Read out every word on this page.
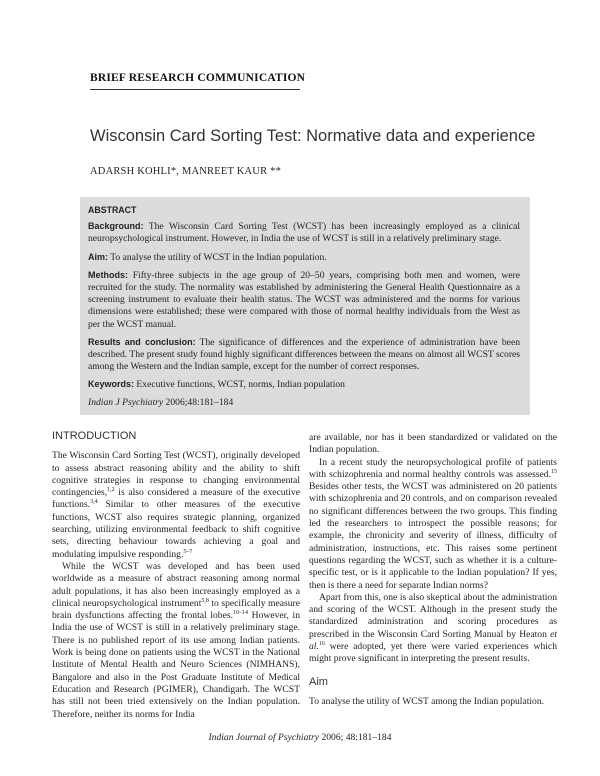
BRIEF RESEARCH COMMUNICATION
Wisconsin Card Sorting Test: Normative data and experience
ADARSH KOHLI*, MANREET KAUR **
ABSTRACT

Background: The Wisconsin Card Sorting Test (WCST) has been increasingly employed as a clinical neuropsychological instrument. However, in India the use of WCST is still in a relatively preliminary stage.

Aim: To analyse the utility of WCST in the Indian population.

Methods: Fifty-three subjects in the age group of 20–50 years, comprising both men and women, were recruited for the study. The normality was established by administering the General Health Questionnaire as a screening instrument to evaluate their health status. The WCST was administered and the norms for various dimensions were established; these were compared with those of normal healthy individuals from the West as per the WCST manual.

Results and conclusion: The significance of differences and the experience of administration have been described. The present study found highly significant differences between the means on almost all WCST scores among the Western and the Indian sample, except for the number of correct responses.

Keywords: Executive functions, WCST, norms, Indian population

Indian J Psychiatry 2006;48:181–184

INTRODUCTION

The Wisconsin Card Sorting Test (WCST), originally developed to assess abstract reasoning ability and the ability to shift cognitive strategies in response to changing environmental contingencies,$^{1,2}$ is also considered a measure of the executive functions.$^{3,4}$ Similar to other measures of the executive functions, WCST also requires strategic planning, organized searching, utilizing environmental feedback to shift cognitive sets, directing behaviour towards achieving a goal and modulating impulsive responding.$^{5-7}$

While the WCST was developed and has been used worldwide as a measure of abstract reasoning among normal adult populations, it has also been increasingly employed as a clinical neuropsychological instrument$^{5,8}$ to specifically measure brain dysfunctions affecting the frontal lobes.$^{10-14}$ However, in India the use of WCST is still in a relatively preliminary stage. There is no published report of its use among Indian patients. Work is being done on patients using the WCST in the National Institute of Mental Health and Neuro Sciences (NIMHANS), Bangalore and also in the Post Graduate Institute of Medical Education and Research (PGIMER), Chandigarh. The WCST has still not been tried extensively on the Indian population. Therefore, neither its norms for India

are available, nor has it been standardized or validated on the Indian population.

In a recent study the neuropsychological profile of patients with schizophrenia and normal healthy controls was assessed.$^{15}$ Besides other tests, the WCST was administered on 20 patients with schizophrenia and 20 controls, and on comparison revealed no significant differences between the two groups. This finding led the researchers to introspect the possible reasons; for example, the chronicity and severity of illness, difficulty of administration, instructions, etc. This raises some pertinent questions regarding the WCST, such as whether it is a culture-specific test, or is it applicable to the Indian population? If yes, then is there a need for separate Indian norms?

Apart from this, one is also skeptical about the administration and scoring of the WCST. Although in the present study the standardized administration and scoring procedures as prescribed in the Wisconsin Card Sorting Manual by Heaton et al.$^{16}$ were adopted, yet there were varied experiences which might prove significant in interpreting the present results.

Aim

To analyse the utility of WCST among the Indian population.

Indian Journal of Psychiatry 2006; 48:181–184
